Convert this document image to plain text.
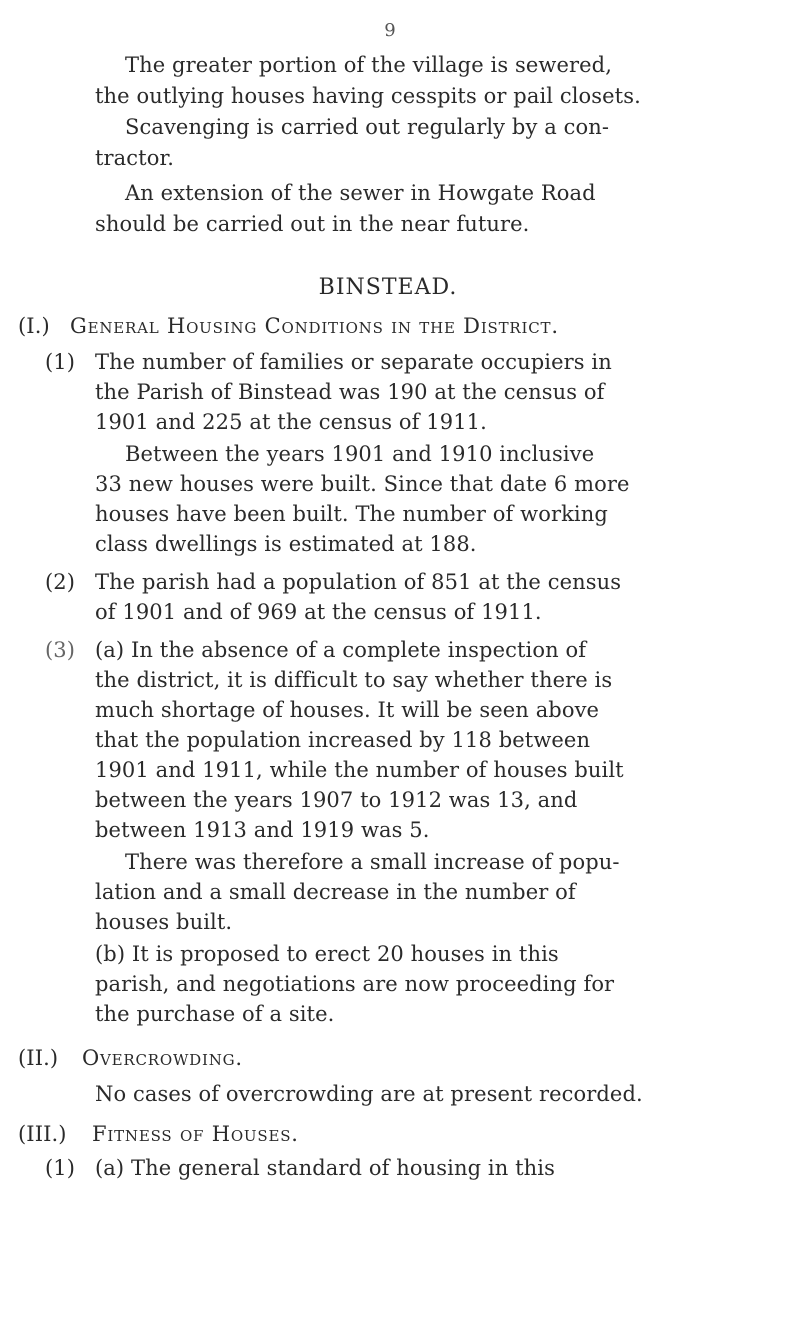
9
The greater portion of the village is sewered,
the outlying houses having cesspits or pail closets.
Scavenging is carried out regularly by a con-
tractor.
An extension of the sewer in Howgate Road
should be carried out in the near future.
BINSTEAD.
(I.) General Housing Conditions in the District.
(1) The number of families or separate occupiers in
the Parish of Binstead was 190 at the census of
1901 and 225 at the census of 1911.
Between the years 1901 and 1910 inclusive
33 new houses were built. Since that date 6 more
houses have been built. The number of working
class dwellings is estimated at 188.
(2) The parish had a population of 851 at the census
of 1901 and of 969 at the census of 1911.
(3) (a) In the absence of a complete inspection of
the district, it is difficult to say whether there is
much shortage of houses. It will be seen above
that the population increased by 118 between
1901 and 1911, while the number of houses built
between the years 1907 to 1912 was 13, and
between 1913 and 1919 was 5.
There was therefore a small increase of popu-
lation and a small decrease in the number of
houses built.
(b) It is proposed to erect 20 houses in this
parish, and negotiations are now proceeding for
the purchase of a site.
(II.) Overcrowding.
No cases of overcrowding are at present recorded.
(III.) Fitness of Houses.
(1) (a) The general standard of housing in this
